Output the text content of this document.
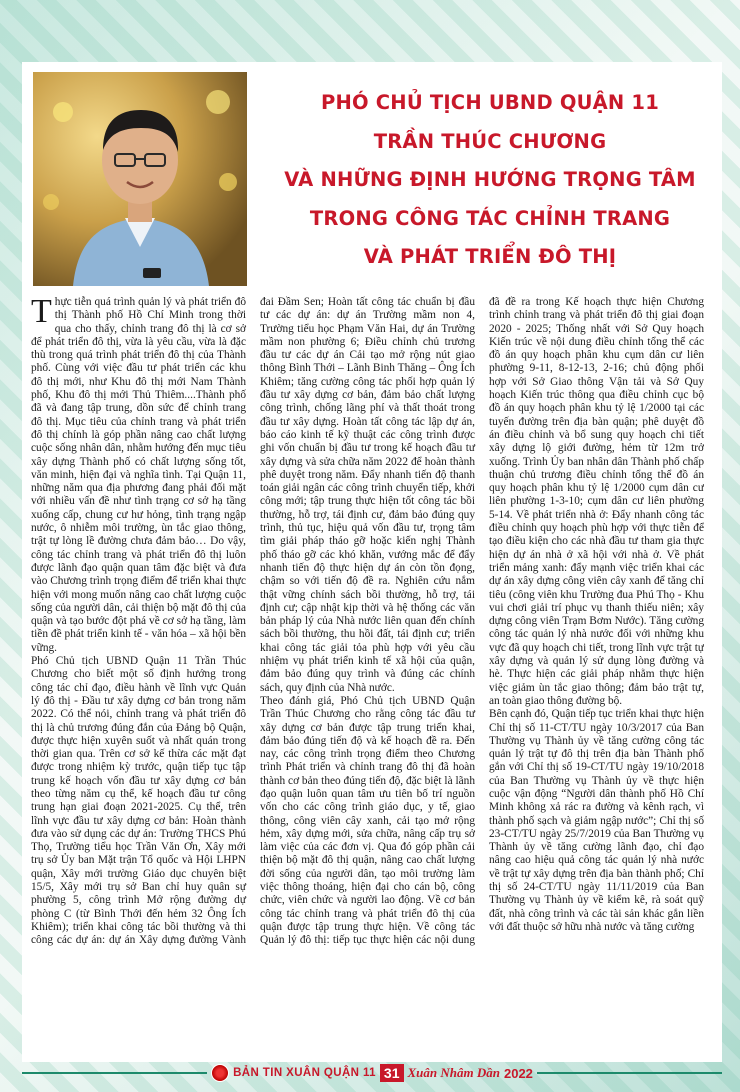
PHÓ CHỦ TỊCH UBND QUẬN 11
TRẦN THÚC CHƯƠNG
VÀ NHỮNG ĐỊNH HƯỚNG TRỌNG TÂM
TRONG CÔNG TÁC CHỈNH TRANG
VÀ PHÁT TRIỂN ĐÔ THỊ

Thực tiễn quá trình quản lý và phát triển đô thị Thành phố Hồ Chí Minh trong thời qua cho thấy, chỉnh trang đô thị là cơ sở để phát triển đô thị, vừa là yêu cầu, vừa là đặc thù trong quá trình phát triển đô thị của Thành phố. Cùng với việc đầu tư phát triển các khu đô thị mới, như Khu đô thị mới Nam Thành phố, Khu đô thị mới Thủ Thiêm....Thành phố đã và đang tập trung, dồn sức để chỉnh trang đô thị. Mục tiêu của chỉnh trang và phát triển đô thị chính là góp phần nâng cao chất lượng cuộc sống nhân dân, nhằm hướng đến mục tiêu xây dựng Thành phố có chất lượng sống tốt, văn minh, hiện đại và nghĩa tình. Tại Quận 11, những năm qua địa phương đang phải đối mặt với nhiều vấn đề như tình trạng cơ sở hạ tầng xuống cấp, chung cư hư hỏng, tình trạng ngập nước, ô nhiễm môi trường, ùn tắc giao thông, trật tự lòng lề đường chưa đảm bảo… Do vậy, công tác chỉnh trang và phát triển đô thị luôn được lãnh đạo quận quan tâm đặc biệt và đưa vào Chương trình trọng điểm để triển khai thực hiện với mong muốn nâng cao chất lượng cuộc sống của người dân, cải thiện bộ mặt đô thị của quận và tạo bước đột phá về cơ sở hạ tầng, làm tiền đề phát triển kinh tế - văn hóa – xã hội bền vững.

Phó Chủ tịch UBND Quận 11 Trần Thúc Chương cho biết một số định hướng trong công tác chỉ đạo, điều hành về lĩnh vực Quản lý đô thị - Đầu tư xây dựng cơ bản trong năm 2022. Có thể nói, chỉnh trang và phát triển đô thị là chủ trương đúng đắn của Đảng bộ Quận, được thực hiện xuyên suốt và nhất quán trong thời gian qua. Trên cơ sở kế thừa các mặt đạt được trong nhiệm kỳ trước, quận tiếp tục tập trung kế hoạch vốn đầu tư xây dựng cơ bản theo từng năm cụ thể, kế hoạch đầu tư công trung hạn giai đoạn 2021-2025. Cụ thể, trên lĩnh vực đầu tư xây dựng cơ bản: Hoàn thành đưa vào sử dụng các dự án: Trường THCS Phú Thọ, Trường tiểu học Trần Văn Ơn, Xây mới trụ sở Ủy ban Mặt trận Tổ quốc và Hội LHPN quận, Xây mới trường Giáo dục chuyên biệt 15/5, Xây mới trụ sở Ban chỉ huy quân sự phường 5, công trình Mở rộng đường dự phòng C (từ Bình Thới đến hẻm 32 Ông Ích Khiêm); triển khai công tác bồi thường và thi công các dự án: dự án Xây dựng đường Vành đai Đầm Sen; Hoàn tất công tác chuẩn bị đầu tư các dự án: dự án Trường mầm non 4, Trường tiểu học Phạm Văn Hai, dự án Trường mầm non phường 6; Điều chỉnh chủ trương đầu tư các dự án Cải tạo mở rộng nút giao thông Bình Thới – Lãnh Binh Thăng – Ông Ích Khiêm; tăng cường công tác phối hợp quản lý đầu tư xây dựng cơ bản, đảm bảo chất lượng công trình, chống lãng phí và thất thoát trong đầu tư xây dựng. Hoàn tất công tác lập dự án, báo cáo kinh tế kỹ thuật các công trình được ghi vốn chuẩn bị đầu tư trong kế hoạch đầu tư xây dựng và sửa chữa năm 2022 để hoàn thành phê duyệt trong năm. Đẩy nhanh tiến độ thanh toán giải ngân các công trình chuyển tiếp, khởi công mới; tập trung thực hiện tốt công tác bồi thường, hỗ trợ, tái định cư, đảm bảo đúng quy trình, thủ tục, hiệu quả vốn đầu tư, trọng tâm tìm giải pháp tháo gỡ hoặc kiến nghị Thành phố tháo gỡ các khó khăn, vướng mắc để đẩy nhanh tiến độ thực hiện dự án còn tồn đọng, chậm so với tiến độ đề ra. Nghiên cứu nắm thật vững chính sách bồi thường, hỗ trợ, tái định cư; cập nhật kịp thời và hệ thống các văn bản pháp lý của Nhà nước liên quan đến chính sách bồi thường, thu hồi đất, tái định cư; triển khai công tác giải tỏa phù hợp với yêu cầu nhiệm vụ phát triển kinh tế xã hội của quận, đảm bảo đúng quy trình và đúng các chính sách, quy định của Nhà nước.

Theo đánh giá, Phó Chủ tịch UBND Quận Trần Thúc Chương cho rằng công tác đầu tư xây dựng cơ bản được tập trung triển khai, đảm bảo đúng tiến độ và kế hoạch đề ra. Đến nay, các công trình trọng điểm theo Chương trình Phát triển và chỉnh trang đô thị đã hoàn thành cơ bản theo đúng tiến độ, đặc biệt là lãnh đạo quận luôn quan tâm ưu tiên bố trí nguồn vốn cho các công trình giáo dục, y tế, giao thông, công viên cây xanh, cải tạo mở rộng hẻm, xây dựng mới, sửa chữa, nâng cấp trụ sở làm việc của các đơn vị. Qua đó góp phần cải thiện bộ mặt đô thị quận, nâng cao chất lượng đời sống của người dân, tạo môi trường làm việc thông thoáng, hiện đại cho cán bộ, công chức, viên chức và người lao động. Về cơ bản công tác chỉnh trang và phát triển đô thị của quận được tập trung thực hiện. Về công tác Quản lý đô thị: tiếp tục thực hiện các nội dung đã đề ra trong Kế hoạch thực hiện Chương trình chỉnh trang và phát triển đô thị giai đoạn 2020 - 2025; Thống nhất với Sở Quy hoạch Kiến trúc về nội dung điều chỉnh tổng thể các đồ án quy hoạch phân khu cụm dân cư liên phường 9-11, 8-12-13, 2-16; chủ động phối hợp với Sở Giao thông Vận tải và Sở Quy hoạch Kiến trúc thông qua điều chỉnh cục bộ đồ án quy hoạch phân khu tỷ lệ 1/2000 tại các tuyến đường trên địa bàn quận; phê duyệt đồ án điều chỉnh và bổ sung quy hoạch chi tiết xây dựng lộ giới đường, hẻm từ 12m trở xuống. Trình Ủy ban nhân dân Thành phố chấp thuận chủ trương điều chỉnh tổng thể đồ án quy hoạch phân khu tỷ lệ 1/2000 cụm dân cư liên phường 1-3-10; cụm dân cư liên phường 5-14. Về phát triển nhà ở: Đẩy nhanh công tác điều chỉnh quy hoạch phù hợp với thực tiễn để tạo điều kiện cho các nhà đầu tư tham gia thực hiện dự án nhà ở xã hội với nhà ở. Về phát triển mảng xanh: đẩy mạnh việc triển khai các dự án xây dựng công viên cây xanh để tăng chỉ tiêu (công viên khu Trường đua Phú Thọ - Khu vui chơi giải trí phục vụ thanh thiếu niên; xây dựng công viên Trạm Bơm Nước). Tăng cường công tác quản lý nhà nước đối với những khu vực đã quy hoạch chi tiết, trong lĩnh vực trật tự xây dựng và quản lý sử dụng lòng đường và hè. Thực hiện các giải pháp nhằm thực hiện việc giảm ùn tắc giao thông; đảm bảo trật tự, an toàn giao thông đường bộ.

Bên cạnh đó, Quận tiếp tục triển khai thực hiện Chỉ thị số 11-CT/TU ngày 10/3/2017 của Ban Thường vụ Thành ủy về tăng cường công tác quản lý trật tự đô thị trên địa bàn Thành phố gắn với Chỉ thị số 19-CT/TU ngày 19/10/2018 của Ban Thường vụ Thành ủy về thực hiện cuộc vận động “Người dân thành phố Hồ Chí Minh không xả rác ra đường và kênh rạch, vì thành phố sạch và giảm ngập nước”; Chỉ thị số 23-CT/TU ngày 25/7/2019 của Ban Thường vụ Thành ủy về tăng cường lãnh đạo, chỉ đạo nâng cao hiệu quả công tác quản lý nhà nước về trật tự xây dựng trên địa bàn thành phố; Chỉ thị số 24-CT/TU ngày 11/11/2019 của Ban Thường vụ Thành ủy về kiểm kê, rà soát quỹ đất, nhà công trình và các tài sản khác gắn liền với đất thuộc sở hữu nhà nước và tăng cường

BẢN TIN XUÂN QUẬN 11 31 Xuân Nhâm Dần 2022
